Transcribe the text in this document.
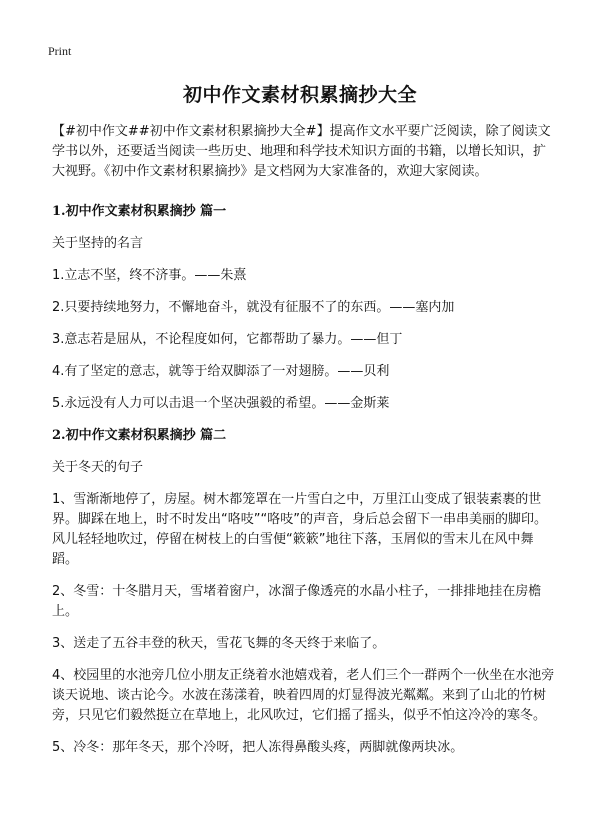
Print
初中作文素材积累摘抄大全

【#初中作文##初中作文素材积累摘抄大全#】提高作文水平要广泛阅读，除了阅读文学书以外，还要适当阅读一些历史、地理和科学技术知识方面的书籍，以增长知识，扩大视野。《初中作文素材积累摘抄》是文档网为大家准备的，欢迎大家阅读。

1.初中作文素材积累摘抄 篇一
关于坚持的名言
1.立志不坚，终不济事。——朱熹
2.只要持续地努力，不懈地奋斗，就没有征服不了的东西。——塞内加
3.意志若是屈从，不论程度如何，它都帮助了暴力。——但丁
4.有了坚定的意志，就等于给双脚添了一对翅膀。——贝利
5.永远没有人力可以击退一个坚决强毅的希望。——金斯莱
2.初中作文素材积累摘抄 篇二
关于冬天的句子

1、雪渐渐地停了，房屋。树木都笼罩在一片雪白之中，万里江山变成了银装素裹的世界。脚踩在地上，时不时发出“咯吱”“咯吱”的声音，身后总会留下一串串美丽的脚印。风儿轻轻地吹过，停留在树枝上的白雪便“簌簌”地往下落，玉屑似的雪末儿在风中舞蹈。

2、冬雪：十冬腊月天，雪堵着窗户，冰溜子像透亮的水晶小柱子，一排排地挂在房檐上。

3、送走了五谷丰登的秋天，雪花飞舞的冬天终于来临了。

4、校园里的水池旁几位小朋友正绕着水池嬉戏着，老人们三个一群两个一伙坐在水池旁谈天说地、谈古论今。水波在荡漾着，映着四周的灯显得波光粼粼。来到了山北的竹树旁，只见它们毅然挺立在草地上，北风吹过，它们摇了摇头，似乎不怕这冷冷的寒冬。

5、冷冬：那年冬天，那个冷呀，把人冻得鼻酸头疼，两脚就像两块冰。
